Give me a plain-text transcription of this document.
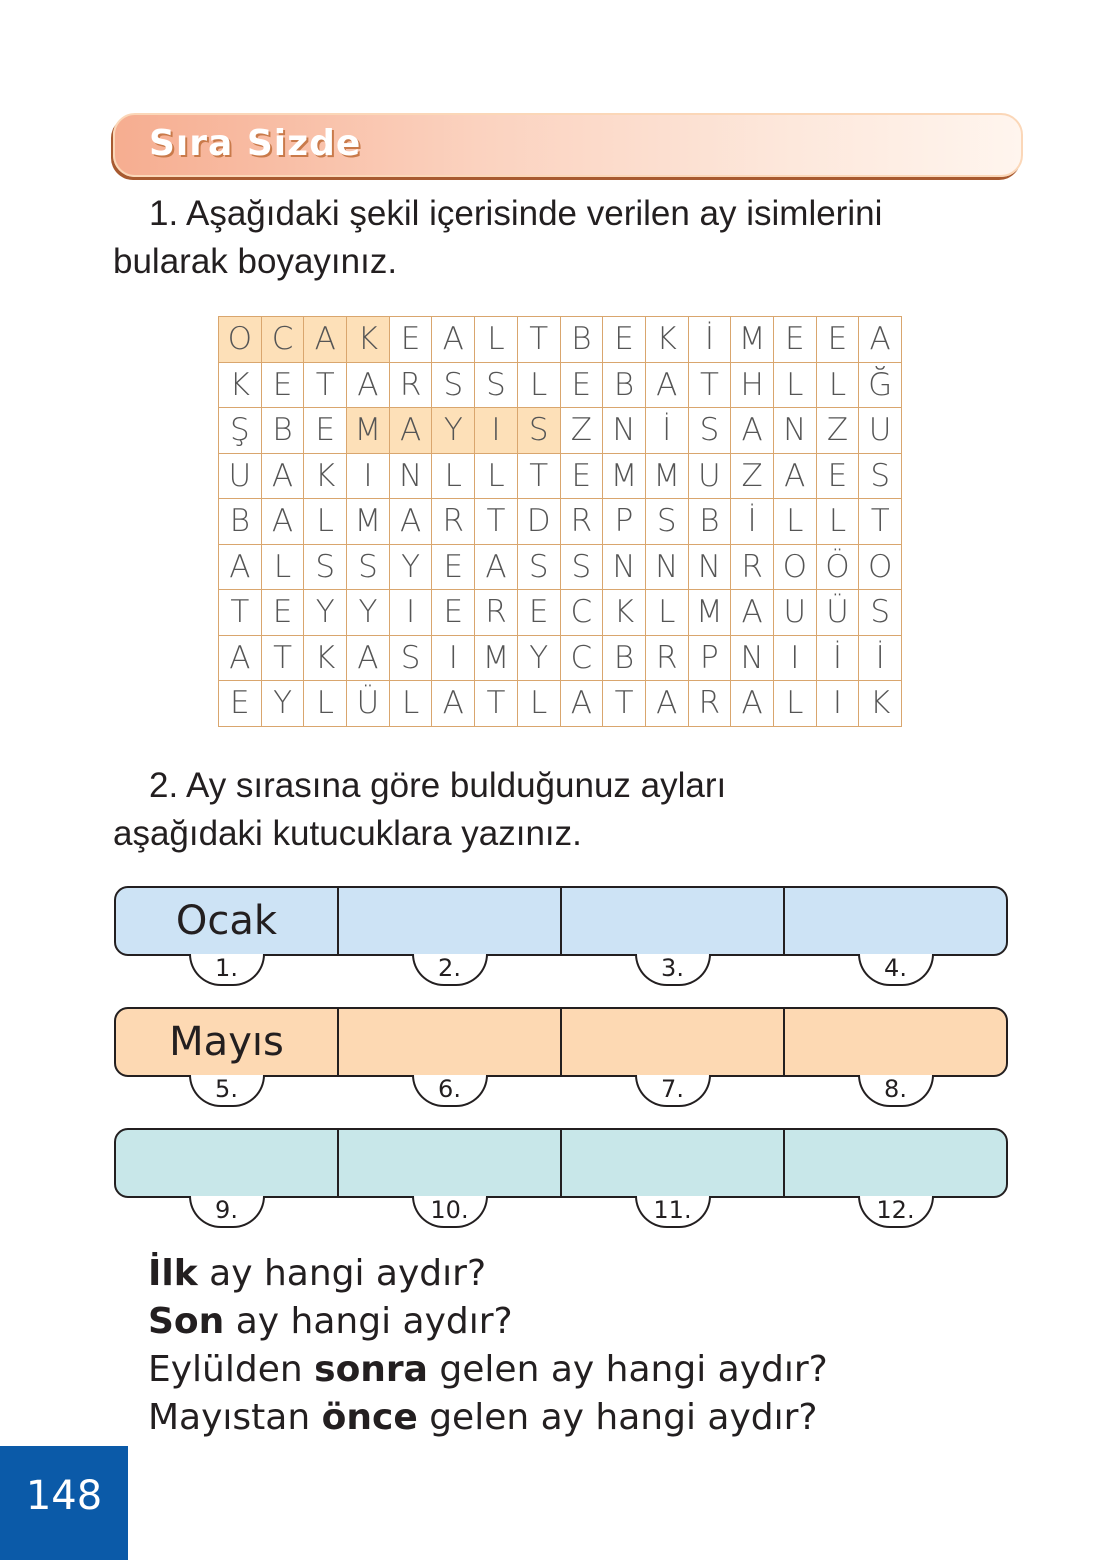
Sıra Sizde
1. Aşağıdaki şekil içerisinde verilen ay isimlerini
bularak boyayınız.
O	C	A	K	E	A	L	T	B	E	K	İ	M	E	E	A
K	E	T	A	R	S	S	L	E	B	A	T	H	L	L	Ğ
Ş	B	E	M	A	Y	I	S	Z	N	İ	S	A	N	Z	U
U	A	K	I	N	L	L	T	E	M	M	U	Z	A	E	S
B	A	L	M	A	R	T	D	R	P	S	B	İ	L	L	T
A	L	S	S	Y	E	A	S	S	N	N	N	R	O	Ö	O
T	E	Y	Y	I	E	R	E	C	K	L	M	A	U	Ü	S
A	T	K	A	S	I	M	Y	C	B	R	P	N	I	İ	İ
E	Y	L	Ü	L	A	T	L	A	T	A	R	A	L	I	K
2. Ay sırasına göre bulduğunuz ayları
aşağıdaki kutucuklara yazınız.
Ocak
1.	2.	3.	4.
Mayıs
5.	6.	7.	8.
9.	10.	11.	12.
İlk ay hangi aydır?
Son ay hangi aydır?
Eylülden sonra gelen ay hangi aydır?
Mayıstan önce gelen ay hangi aydır?
148
